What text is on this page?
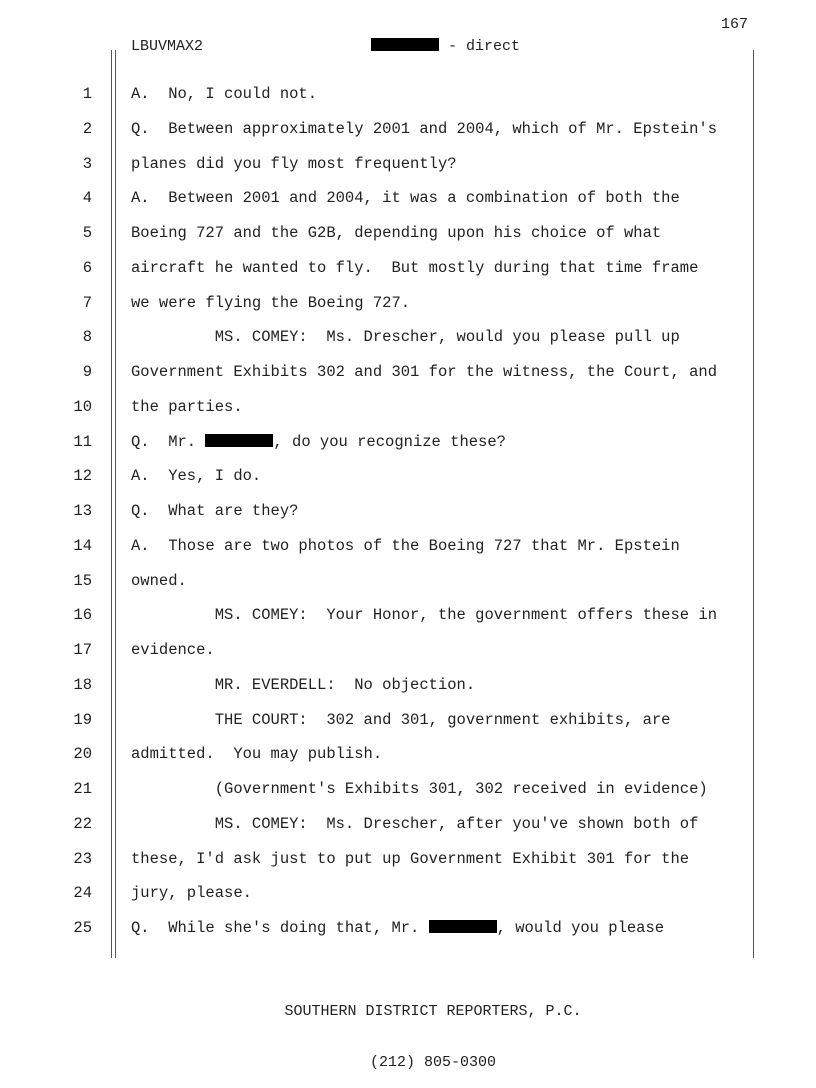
167
LBUVMAX2	- direct
1	A.  No, I could not.
2	Q.  Between approximately 2001 and 2004, which of Mr. Epstein's
3	planes did you fly most frequently?
4	A.  Between 2001 and 2004, it was a combination of both the
5	Boeing 727 and the G2B, depending upon his choice of what
6	aircraft he wanted to fly.  But mostly during that time frame
7	we were flying the Boeing 727.
8	MS. COMEY:  Ms. Drescher, would you please pull up
9	Government Exhibits 302 and 301 for the witness, the Court, and
10	the parties.
11	Q.  Mr.	, do you recognize these?
12	A.  Yes, I do.
13	Q.  What are they?
14	A.  Those are two photos of the Boeing 727 that Mr. Epstein
15	owned.
16	MS. COMEY:  Your Honor, the government offers these in
17	evidence.
18	MR. EVERDELL:  No objection.
19	THE COURT:  302 and 301, government exhibits, are
20	admitted.  You may publish.
21	(Government's Exhibits 301, 302 received in evidence)
22	MS. COMEY:  Ms. Drescher, after you've shown both of
23	these, I'd ask just to put up Government Exhibit 301 for the
24	jury, please.
25	Q.  While she's doing that, Mr.	, would you please

SOUTHERN DISTRICT REPORTERS, P.C.

(212) 805-0300
